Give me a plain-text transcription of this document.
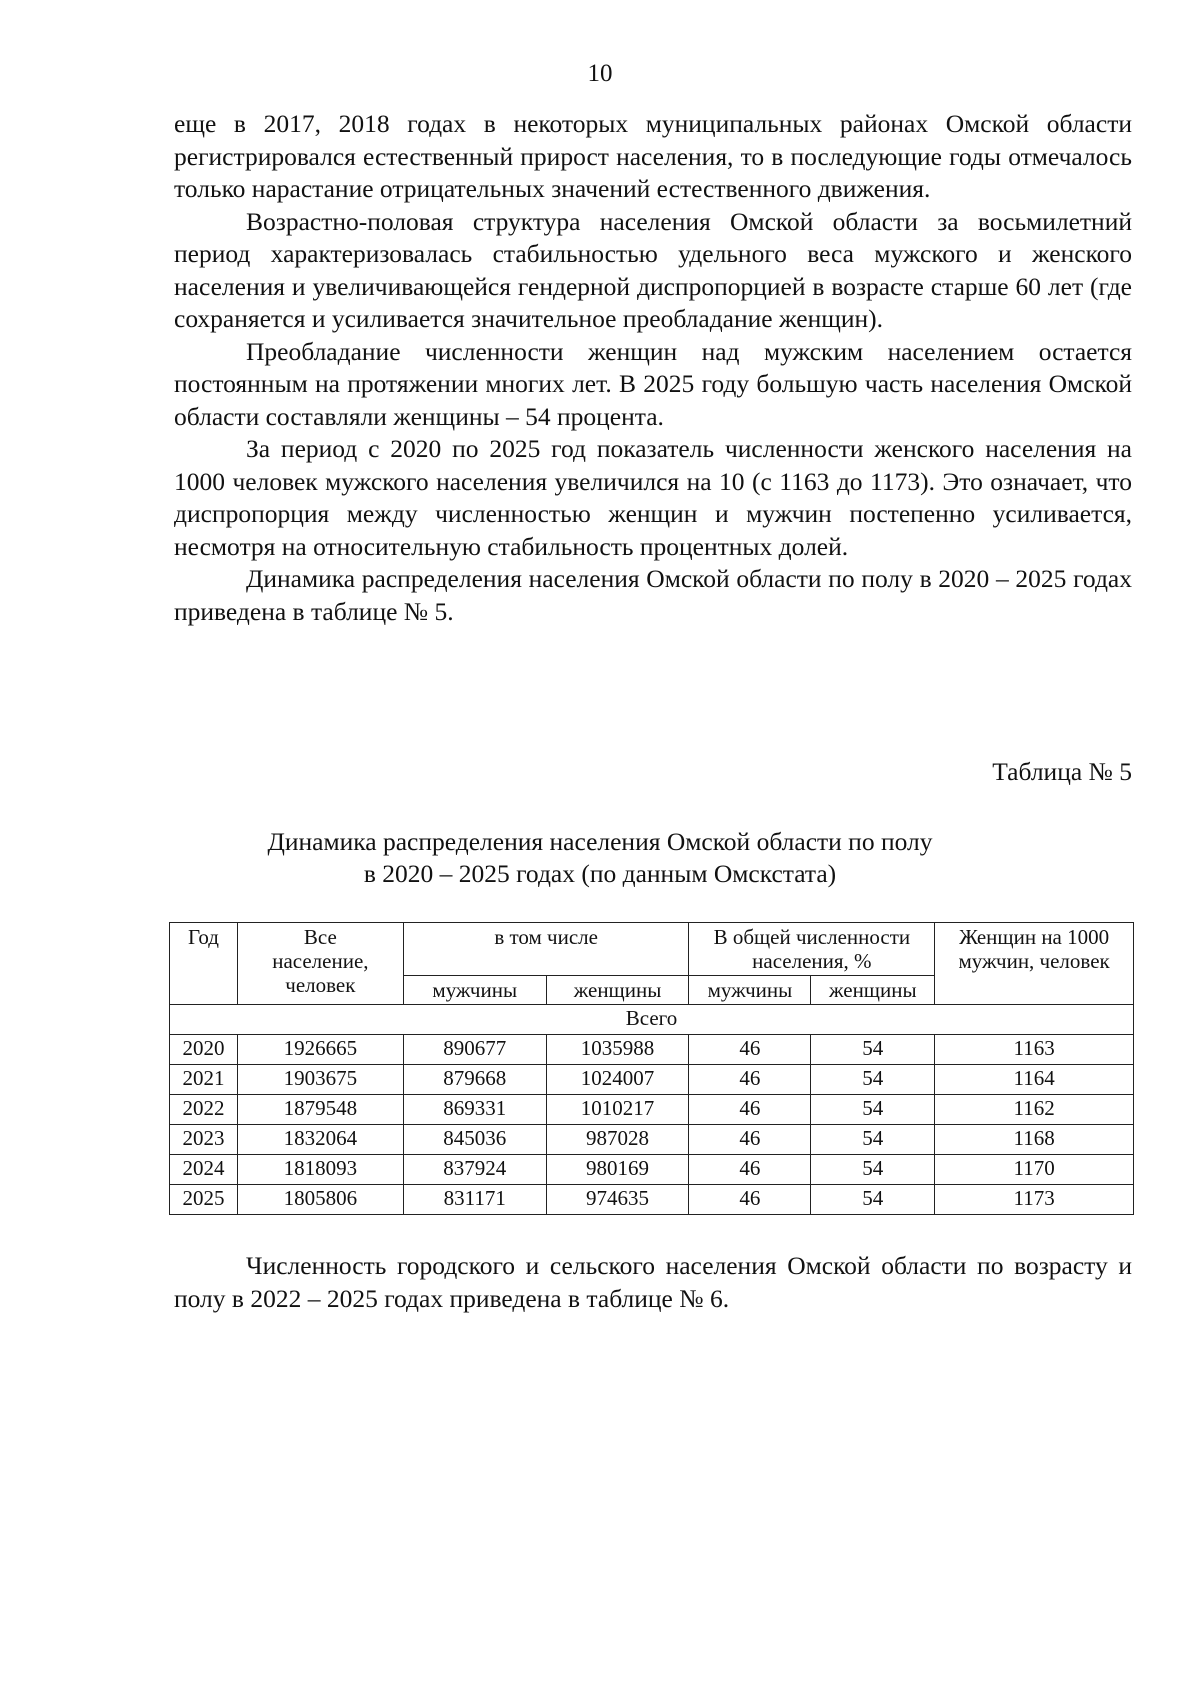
10

еще в 2017, 2018 годах в некоторых муниципальных районах Омской области регистрировался естественный прирост населения, то в последующие годы отмечалось только нарастание отрицательных значений естественного движения.

Возрастно-половая структура населения Омской области за восьмилетний период характеризовалась стабильностью удельного веса мужского и женского населения и увеличивающейся гендерной диспропорцией в возрасте старше 60 лет (где сохраняется и усиливается значительное преобладание женщин).

Преобладание численности женщин над мужским населением остается постоянным на протяжении многих лет. В 2025 году большую часть населения Омской области составляли женщины – 54 процента.

За период с 2020 по 2025 год показатель численности женского населения на 1000 человек мужского населения увеличился на 10 (с 1163 до 1173). Это означает, что диспропорция между численностью женщин и мужчин постепенно усиливается, несмотря на относительную стабильность процентных долей.

Динамика распределения населения Омской области по полу в 2020 – 2025 годах приведена в таблице № 5.

Таблица № 5
Динамика распределения населения Омской области по полу
в 2020 – 2025 годах (по данным Омскстата)
Год	Все население, человек	в том числе		В общей численности населения, %		Женщин на 1000 мужчин, человек

		мужчины	женщины	мужчины	женщины	
Всего						
2020	1926665	890677	1035988	46	54	1163
2021	1903675	879668	1024007	46	54	1164
2022	1879548	869331	1010217	46	54	1162
2023	1832064	845036	987028	46	54	1168
2024	1818093	837924	980169	46	54	1170
2025	1805806	831171	974635	46	54	1173

Численность городского и сельского населения Омской области по возрасту и полу в 2022 – 2025 годах приведена в таблице № 6.
